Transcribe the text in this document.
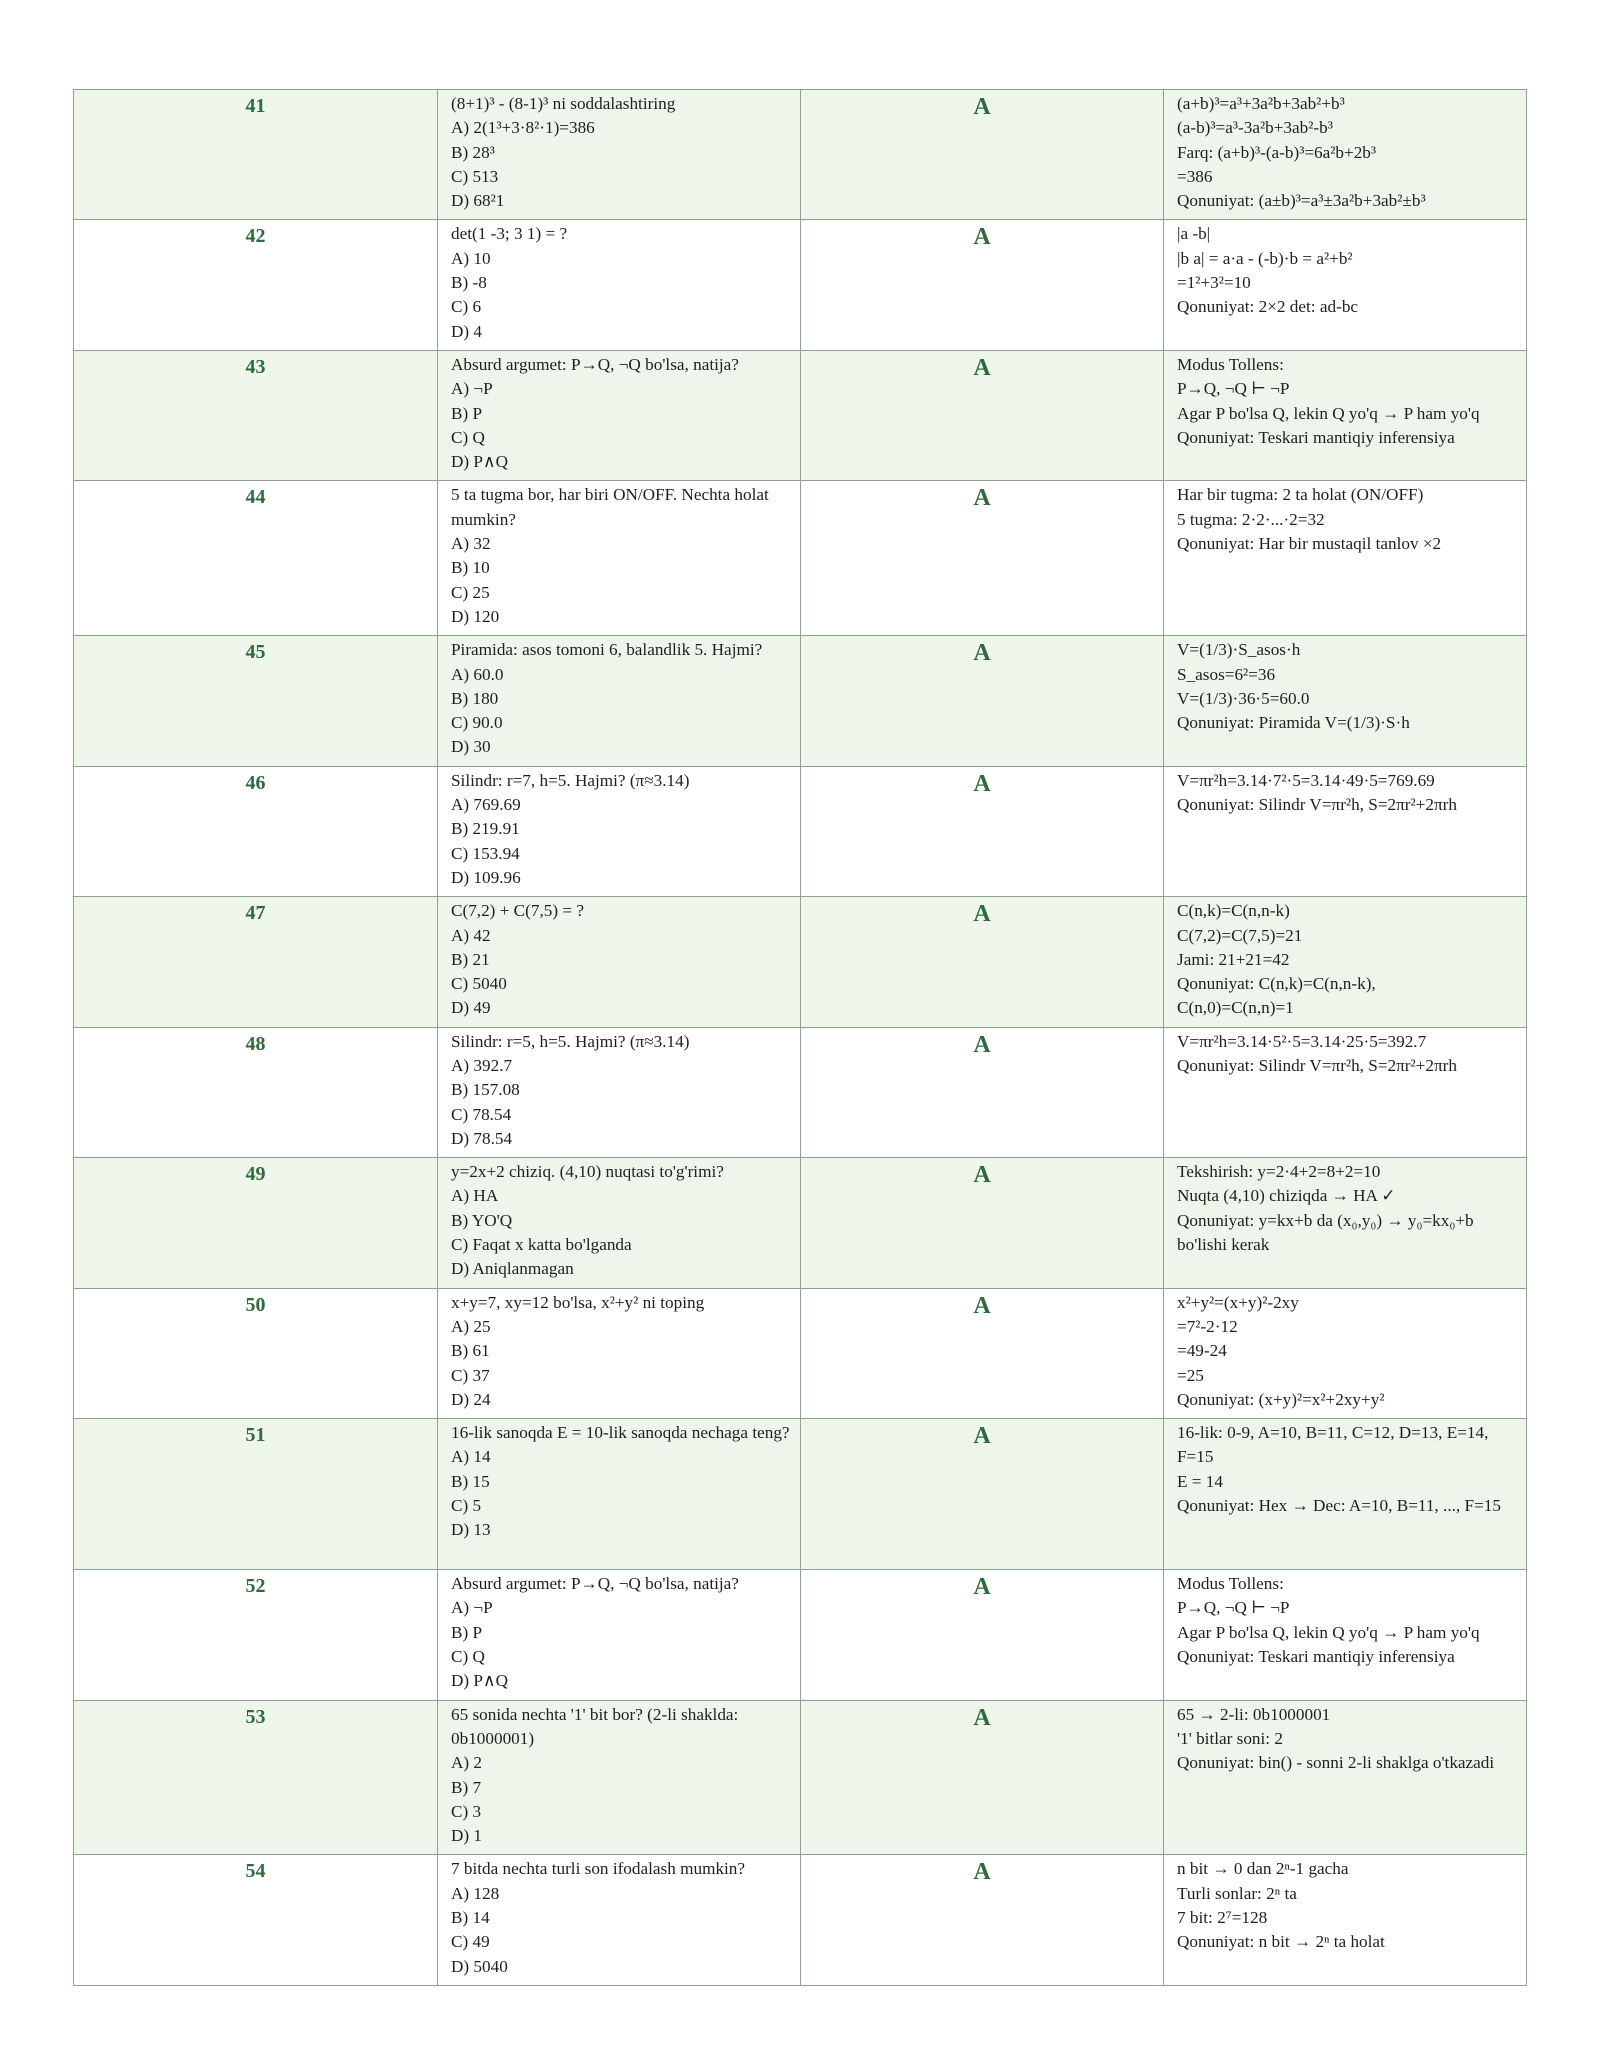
41	(8+1)³ - (8-1)³ ni soddalashtiring
A) 2(1³+3·8²·1)=386
B) 28³
C) 513
D) 68²1	A	(a+b)³=a³+3a²b+3ab²+b³
(a-b)³=a³-3a²b+3ab²-b³
Farq: (a+b)³-(a-b)³=6a²b+2b³
=386
Qonuniyat: (a±b)³=a³±3a²b+3ab²±b³

42	det(1 -3; 3 1) = ?
A) 10
B) -8
C) 6
D) 4	A	|a -b|
|b a| = a·a - (-b)·b = a²+b²
=1²+3²=10
Qonuniyat: 2×2 det: ad-bc

43	Absurd argumet: P→Q, ¬Q bo'lsa, natija?
A) ¬P
B) P
C) Q
D) P∧Q	A	Modus Tollens:
P→Q, ¬Q ⊢ ¬P
Agar P bo'lsa Q, lekin Q yo'q → P ham yo'q
Qonuniyat: Teskari mantiqiy inferensiya

44	5 ta tugma bor, har biri ON/OFF. Nechta holat mumkin?
A) 32
B) 10
C) 25
D) 120	A	Har bir tugma: 2 ta holat (ON/OFF)
5 tugma: 2·2·...·2=32
Qonuniyat: Har bir mustaqil tanlov ×2

45	Piramida: asos tomoni 6, balandlik 5. Hajmi?
A) 60.0
B) 180
C) 90.0
D) 30	A	V=(1/3)·S_asos·h
S_asos=6²=36
V=(1/3)·36·5=60.0
Qonuniyat: Piramida V=(1/3)·S·h

46	Silindr: r=7, h=5. Hajmi? (π≈3.14)
A) 769.69
B) 219.91
C) 153.94
D) 109.96	A	V=πr²h=3.14·7²·5=3.14·49·5=769.69
Qonuniyat: Silindr V=πr²h, S=2πr²+2πrh

47	C(7,2) + C(7,5) = ?
A) 42
B) 21
C) 5040
D) 49	A	C(n,k)=C(n,n-k)
C(7,2)=C(7,5)=21
Jami: 21+21=42
Qonuniyat: C(n,k)=C(n,n-k),
C(n,0)=C(n,n)=1

48	Silindr: r=5, h=5. Hajmi? (π≈3.14)
A) 392.7
B) 157.08
C) 78.54
D) 78.54	A	V=πr²h=3.14·5²·5=3.14·25·5=392.7
Qonuniyat: Silindr V=πr²h, S=2πr²+2πrh

49	y=2x+2 chiziq. (4,10) nuqtasi to'g'rimi?
A) HA
B) YO'Q
C) Faqat x katta bo'lganda
D) Aniqlanmagan	A	Tekshirish: y=2·4+2=8+2=10
Nuqta (4,10) chiziqda → HA ✓
Qonuniyat: y=kx+b da (x₀,y₀) → y₀=kx₀+b bo'lishi kerak

50	x+y=7, xy=12 bo'lsa, x²+y² ni toping
A) 25
B) 61
C) 37
D) 24	A	x²+y²=(x+y)²-2xy
=7²-2·12
=49-24
=25
Qonuniyat: (x+y)²=x²+2xy+y²

51	16-lik sanoqda E = 10-lik sanoqda nechaga teng?
A) 14
B) 15
C) 5
D) 13	A	16-lik: 0-9, A=10, B=11, C=12, D=13, E=14, F=15
E = 14
Qonuniyat: Hex → Dec: A=10, B=11, ..., F=15

52	Absurd argumet: P→Q, ¬Q bo'lsa, natija?
A) ¬P
B) P
C) Q
D) P∧Q	A	Modus Tollens:
P→Q, ¬Q ⊢ ¬P
Agar P bo'lsa Q, lekin Q yo'q → P ham yo'q
Qonuniyat: Teskari mantiqiy inferensiya

53	65 sonida nechta '1' bit bor? (2-li shaklda: 0b1000001)
A) 2
B) 7
C) 3
D) 1	A	65 → 2-li: 0b1000001
'1' bitlar soni: 2
Qonuniyat: bin() - sonni 2-li shaklga o'tkazadi

54	7 bitda nechta turli son ifodalash mumkin?
A) 128
B) 14
C) 49
D) 5040	A	n bit → 0 dan 2ⁿ-1 gacha
Turli sonlar: 2ⁿ ta
7 bit: 2⁷=128
Qonuniyat: n bit → 2ⁿ ta holat
